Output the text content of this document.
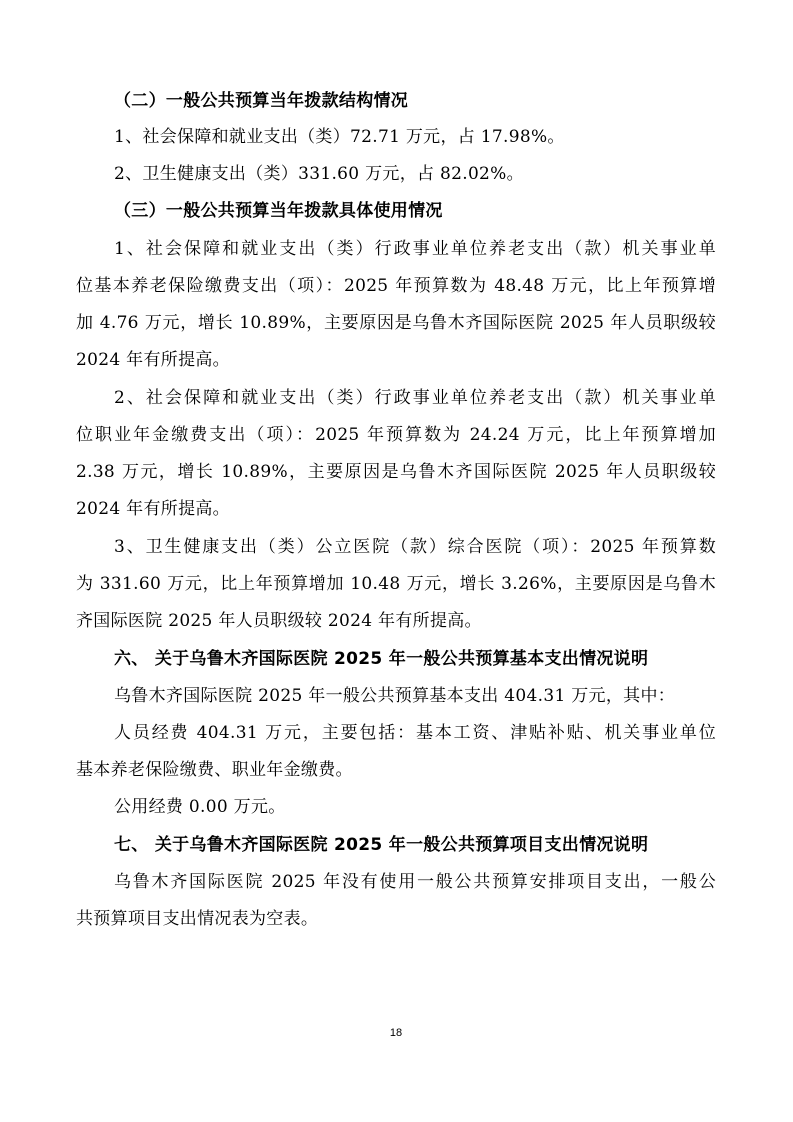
（二）一般公共预算当年拨款结构情况
1、社会保障和就业支出（类）72.71 万元，占 17.98%。
2、卫生健康支出（类）331.60 万元，占 82.02%。
（三）一般公共预算当年拨款具体使用情况
1、社会保障和就业支出（类）行政事业单位养老支出（款）机关事业单
位基本养老保险缴费支出（项）：2025 年预算数为 48.48 万元，比上年预算增
加 4.76 万元，增长 10.89%，主要原因是乌鲁木齐国际医院 2025 年人员职级较
2024 年有所提高。
2、社会保障和就业支出（类）行政事业单位养老支出（款）机关事业单
位职业年金缴费支出（项）：2025 年预算数为 24.24 万元，比上年预算增加
2.38 万元，增长 10.89%，主要原因是乌鲁木齐国际医院 2025 年人员职级较
2024 年有所提高。
3、卫生健康支出（类）公立医院（款）综合医院（项）：2025 年预算数
为 331.60 万元，比上年预算增加 10.48 万元，增长 3.26%，主要原因是乌鲁木
齐国际医院 2025 年人员职级较 2024 年有所提高。
六、 关于乌鲁木齐国际医院 2025 年一般公共预算基本支出情况说明
乌鲁木齐国际医院 2025 年一般公共预算基本支出 404.31 万元，其中：
人员经费 404.31 万元，主要包括：基本工资、津贴补贴、机关事业单位
基本养老保险缴费、职业年金缴费。
公用经费 0.00 万元。
七、 关于乌鲁木齐国际医院 2025 年一般公共预算项目支出情况说明
乌鲁木齐国际医院 2025 年没有使用一般公共预算安排项目支出，一般公
共预算项目支出情况表为空表。
18
